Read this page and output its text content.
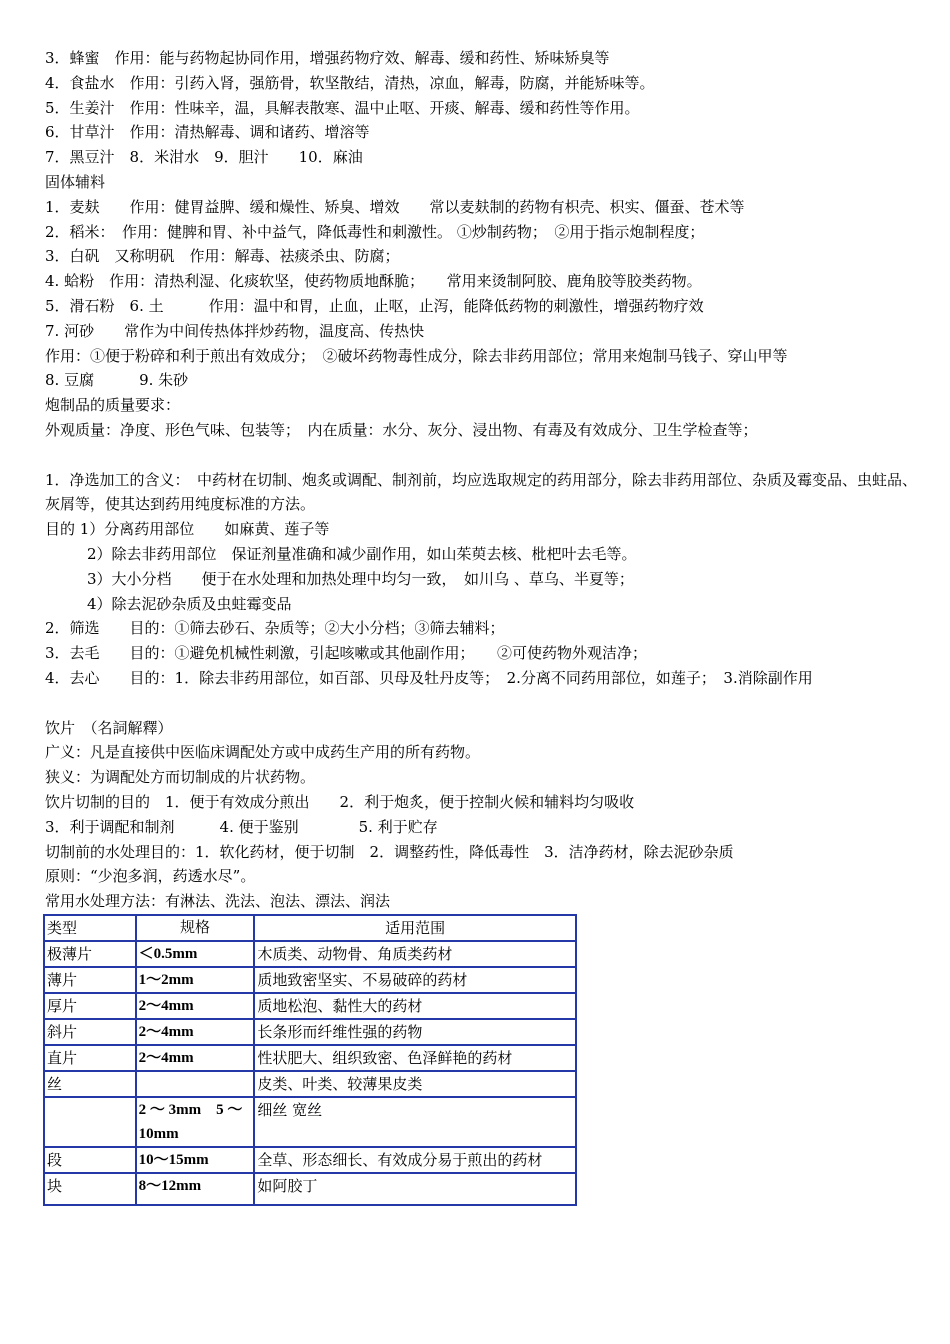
3．蜂蜜　作用：能与药物起协同作用，增强药物疗效、解毒、缓和药性、矫味矫臭等
4．食盐水　作用：引药入肾，强筋骨，软坚散结，清热，凉血，解毒，防腐，并能矫味等。
5．生姜汁　作用：性味辛，温，具解表散寒、温中止呕、开痰、解毒、缓和药性等作用。
6．甘草汁　作用：清热解毒、调和诸药、增溶等
7．黑豆汁　8．米泔水　9．胆汁　　10．麻油
固体辅料
1．麦麸　　作用：健胃益脾、缓和燥性、矫臭、增效　　常以麦麸制的药物有枳壳、枳实、僵蚕、苍术等
2．稻米：　作用：健脾和胃、补中益气，降低毒性和刺激性。 ①炒制药物；　②用于指示炮制程度；
3．白矾　又称明矾　作用：解毒、祛痰杀虫、防腐；
4. 蛤粉　作用：清热利湿、化痰软坚，使药物质地酥脆；　　常用来烫制阿胶、鹿角胶等胶类药物。
5．滑石粉　6. 土　　　作用：温中和胃，止血，止呕，止泻，能降低药物的刺激性，增强药物疗效
7. 河砂　　常作为中间传热体拌炒药物，温度高、传热快
作用：①便于粉碎和利于煎出有效成分；　②破坏药物毒性成分，除去非药用部位；常用来炮制马钱子、穿山甲等
8. 豆腐　　　9. 朱砂
炮制品的质量要求：
外观质量：净度、形色气味、包装等；　内在质量：水分、灰分、浸出物、有毒及有效成分、卫生学检查等；
1．净选加工的含义：　中药材在切制、炮炙或调配、制剂前，均应选取规定的药用部分，除去非药用部位、杂质及霉变品、虫蛀品、灰屑等，使其达到药用纯度标准的方法。
目的 1）分离药用部位　　如麻黄、莲子等
2）除去非药用部位　保证剂量准确和减少副作用，如山茱萸去核、枇杷叶去毛等。
3）大小分档　　便于在水处理和加热处理中均匀一致，　如川乌 、草乌、半夏等；
4）除去泥砂杂质及虫蛀霉变品
2．筛选　　目的：①筛去砂石、杂质等；②大小分档；③筛去辅料；
3．去毛　　目的：①避免机械性刺激，引起咳嗽或其他副作用；　　②可使药物外观洁净；
4．去心　　目的：1．除去非药用部位，如百部、贝母及牡丹皮等；　2.分离不同药用部位，如莲子；　3.消除副作用
饮片　（名詞解釋）
广义：凡是直接供中医临床调配处方或中成药生产用的所有药物。
狭义：为调配处方而切制成的片状药物。
饮片切制的目的　1．便于有效成分煎出　　2．利于炮炙，便于控制火候和辅料均匀吸收
3．利于调配和制剂　　　4. 便于鉴别　　　　5. 利于贮存
切制前的水处理目的：1．软化药材，便于切制　2．调整药性，降低毒性　3．洁净药材，除去泥砂杂质
原则：“少泡多润，药透水尽”。
常用水处理方法：有淋法、洗法、泡法、漂法、润法
类型	规格	适用范围
极薄片	＜0.5mm	木质类、动物骨、角质类药材
薄片	1～2mm	质地致密坚实、不易破碎的药材
厚片	2～4mm	质地松泡、黏性大的药材
斜片	2～4mm	长条形而纤维性强的药物
直片	2～4mm	性状肥大、组织致密、色泽鲜艳的药材
丝		皮类、叶类、较薄果皮类
	2 ～ 3mm　5 ～ 10mm	细丝 宽丝
段	10～15mm	全草、形态细长、有效成分易于煎出的药材
块	8～12mm	如阿胶丁
